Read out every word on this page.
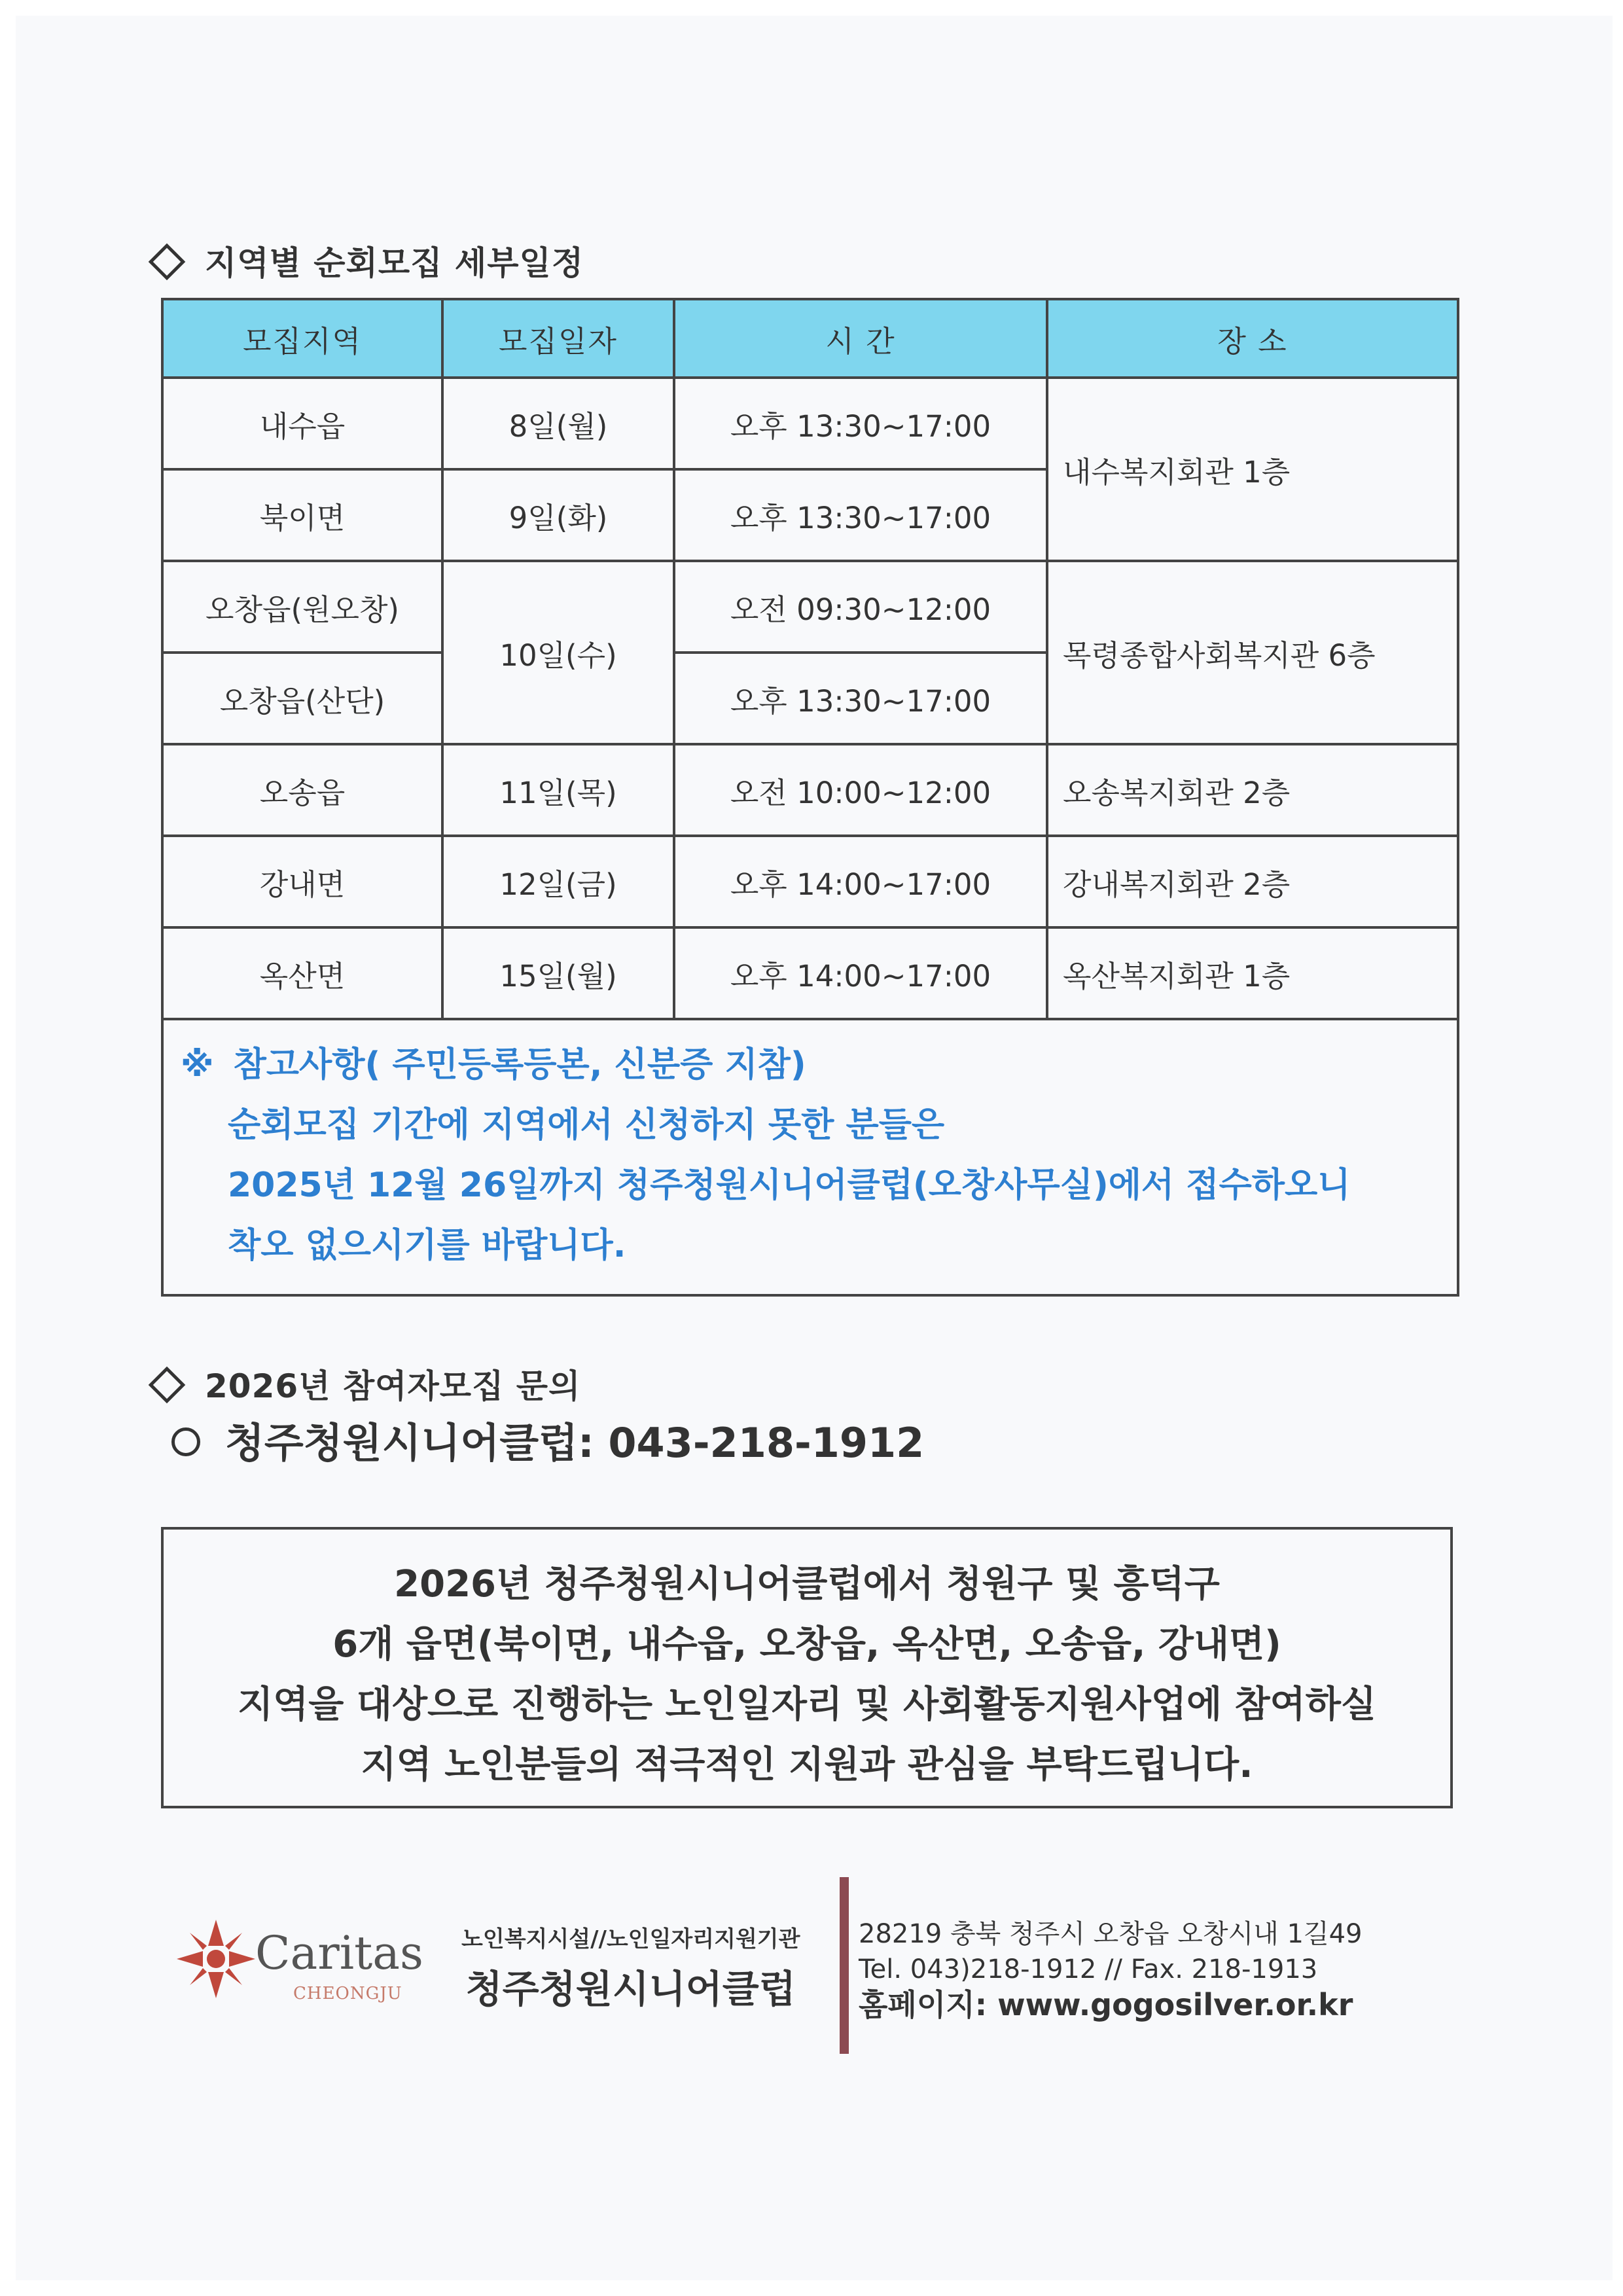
지역별 순회모집 세부일정
모집지역	모집일자	시 간	장 소
내수읍	8일(월)	오후 13:30~17:00	내수복지회관 1층
북이면	9일(화)	오후 13:30~17:00	
오창읍(원오창)	10일(수)	오전 09:30~12:00	목령종합사회복지관 6층
오창읍(산단)		오후 13:30~17:00	
오송읍	11일(목)	오전 10:00~12:00	오송복지회관 2층
강내면	12일(금)	오후 14:00~17:00	강내복지회관 2층
옥산면	15일(월)	오후 14:00~17:00	옥산복지회관 1층

※ 참고사항( 주민등록등본, 신분증 지참)
순회모집 기간에 지역에서 신청하지 못한 분들은
2025년 12월 26일까지 청주청원시니어클럽(오창사무실)에서 접수하오니
착오 없으시기를 바랍니다.			
2026년 참여자모집 문의
청주청원시니어클럽: 043-218-1912
2026년 청주청원시니어클럽에서 청원구 및 흥덕구
6개 읍면(북이면, 내수읍, 오창읍, 옥산면, 오송읍, 강내면)
지역을 대상으로 진행하는 노인일자리 및 사회활동지원사업에 참여하실
지역 노인분들의 적극적인 지원과 관심을 부탁드립니다.
Caritas
CHEONGJU
노인복지시설//노인일자리지원기관
청주청원시니어클럽
28219 충북 청주시 오창읍 오창시내 1길49
Tel. 043)218-1912 // Fax. 218-1913
홈페이지: www.gogosilver.or.kr
